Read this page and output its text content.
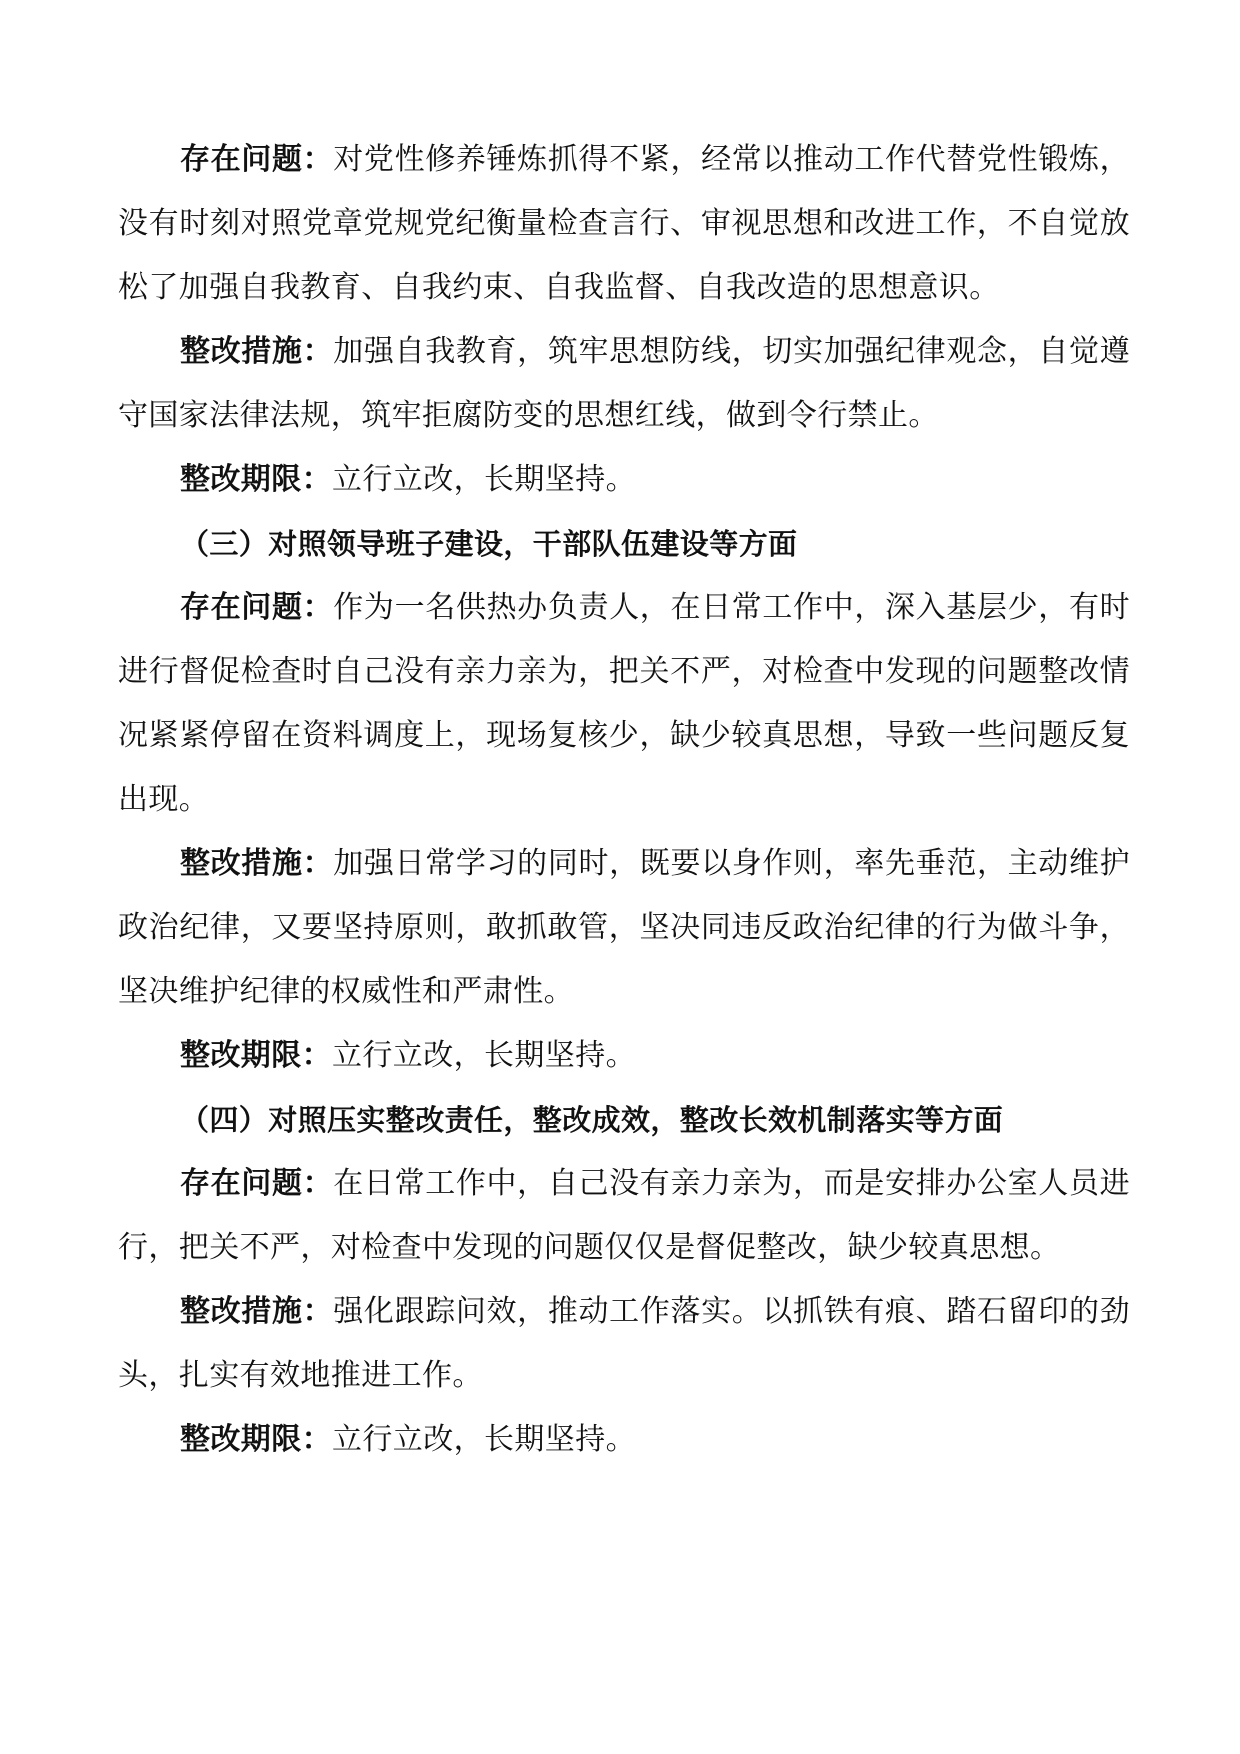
存在问题：对党性修养锤炼抓得不紧，经常以推动工作代替党性锻炼，没有时刻对照党章党规党纪衡量检查言行、审视思想和改进工作，不自觉放松了加强自我教育、自我约束、自我监督、自我改造的思想意识。

整改措施：加强自我教育，筑牢思想防线，切实加强纪律观念，自觉遵守国家法律法规，筑牢拒腐防变的思想红线，做到令行禁止。

整改期限：立行立改，长期坚持。

（三）对照领导班子建设，干部队伍建设等方面

存在问题：作为一名供热办负责人，在日常工作中，深入基层少，有时进行督促检查时自己没有亲力亲为，把关不严，对检查中发现的问题整改情况紧紧停留在资料调度上，现场复核少，缺少较真思想，导致一些问题反复出现。

整改措施：加强日常学习的同时，既要以身作则，率先垂范，主动维护政治纪律，又要坚持原则，敢抓敢管，坚决同违反政治纪律的行为做斗争，坚决维护纪律的权威性和严肃性。

整改期限：立行立改，长期坚持。

（四）对照压实整改责任，整改成效，整改长效机制落实等方面

存在问题：在日常工作中，自己没有亲力亲为，而是安排办公室人员进行，把关不严，对检查中发现的问题仅仅是督促整改，缺少较真思想。

整改措施：强化跟踪问效，推动工作落实。以抓铁有痕、踏石留印的劲头，扎实有效地推进工作。

整改期限：立行立改，长期坚持。
